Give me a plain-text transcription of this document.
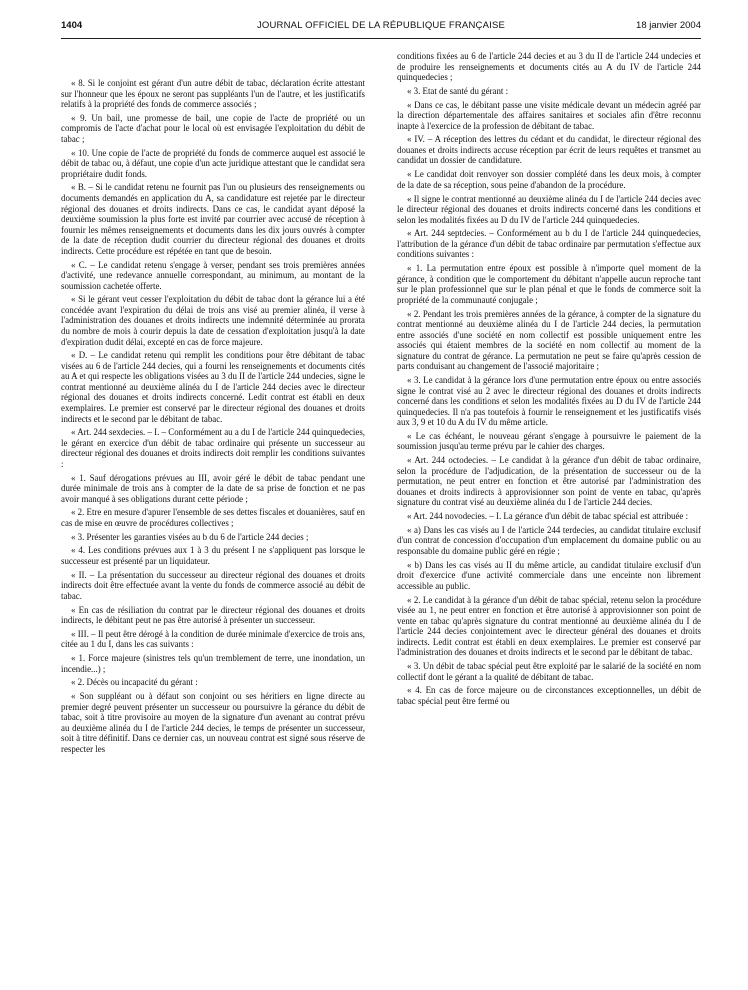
1404	JOURNAL OFFICIEL DE LA RÉPUBLIQUE FRANÇAISE	18 janvier 2004

« 8. Si le conjoint est gérant d'un autre débit de tabac, déclaration écrite attestant sur l'honneur que les époux ne seront pas suppléants l'un de l'autre, et les justificatifs relatifs à la propriété des fonds de commerce associés ;

« 9. Un bail, une promesse de bail, une copie de l'acte de propriété ou un compromis de l'acte d'achat pour le local où est envisagée l'exploitation du débit de tabac ;

« 10. Une copie de l'acte de propriété du fonds de commerce auquel est associé le débit de tabac ou, à défaut, une copie d'un acte juridique attestant que le candidat sera propriétaire dudit fonds.

« B. – Si le candidat retenu ne fournit pas l'un ou plusieurs des renseignements ou documents demandés en application du A, sa candidature est rejetée par le directeur régional des douanes et droits indirects. Dans ce cas, le candidat ayant déposé la deuxième soumission la plus forte est invité par courrier avec accusé de réception à fournir les mêmes renseignements et documents dans les dix jours ouvrés à compter de la date de réception dudit courrier du directeur régional des douanes et droits indirects. Cette procédure est répétée en tant que de besoin.

« C. – Le candidat retenu s'engage à verser, pendant ses trois premières années d'activité, une redevance annuelle correspondant, au minimum, au montant de la soumission cachetée offerte.

« Si le gérant veut cesser l'exploitation du débit de tabac dont la gérance lui a été concédée avant l'expiration du délai de trois ans visé au premier alinéa, il verse à l'administration des douanes et droits indirects une indemnité déterminée au prorata du nombre de mois à courir depuis la date de cessation d'exploitation jusqu'à la date d'expiration dudit délai, excepté en cas de force majeure.

« D. – Le candidat retenu qui remplit les conditions pour être débitant de tabac visées au 6 de l'article 244 decies, qui a fourni les renseignements et documents cités au A et qui respecte les obligations visées au 3 du II de l'article 244 undecies, signe le contrat mentionné au deuxième alinéa du I de l'article 244 decies avec le directeur régional des douanes et droits indirects concerné. Ledit contrat est établi en deux exemplaires. Le premier est conservé par le directeur régional des douanes et droits indirects et le second par le débitant de tabac.

« Art. 244 sexdecies. – I. – Conformément au a du I de l'article 244 quinquedecies, le gérant en exercice d'un débit de tabac ordinaire qui présente un successeur au directeur régional des douanes et droits indirects doit remplir les conditions suivantes :

« 1. Sauf dérogations prévues au III, avoir géré le débit de tabac pendant une durée minimale de trois ans à compter de la date de sa prise de fonction et ne pas avoir manqué à ses obligations durant cette période ;

« 2. Etre en mesure d'apurer l'ensemble de ses dettes fiscales et douanières, sauf en cas de mise en œuvre de procédures collectives ;

« 3. Présenter les garanties visées au b du 6 de l'article 244 decies ;

« 4. Les conditions prévues aux 1 à 3 du présent I ne s'appliquent pas lorsque le successeur est présenté par un liquidateur.

« II. – La présentation du successeur au directeur régional des douanes et droits indirects doit être effectuée avant la vente du fonds de commerce associé au débit de tabac.

« En cas de résiliation du contrat par le directeur régional des douanes et droits indirects, le débitant peut ne pas être autorisé à présenter un successeur.

« III. – Il peut être dérogé à la condition de durée minimale d'exercice de trois ans, citée au 1 du I, dans les cas suivants :

« 1. Force majeure (sinistres tels qu'un tremblement de terre, une inondation, un incendie...) ;

« 2. Décès ou incapacité du gérant :

« Son suppléant ou à défaut son conjoint ou ses héritiers en ligne directe au premier degré peuvent présenter un successeur ou poursuivre la gérance du débit de tabac, soit à titre provisoire au moyen de la signature d'un avenant au contrat prévu au deuxième alinéa du I de l'article 244 decies, le temps de présenter un successeur, soit à titre définitif. Dans ce dernier cas, un nouveau contrat est signé sous réserve de respecter les

conditions fixées au 6 de l'article 244 decies et au 3 du II de l'article 244 undecies et de produire les renseignements et documents cités au A du IV de l'article 244 quinquedecies ;

« 3. Etat de santé du gérant :

« Dans ce cas, le débitant passe une visite médicale devant un médecin agréé par la direction départementale des affaires sanitaires et sociales afin d'être reconnu inapte à l'exercice de la profession de débitant de tabac.

« IV. – A réception des lettres du cédant et du candidat, le directeur régional des douanes et droits indirects accuse réception par écrit de leurs requêtes et transmet au candidat un dossier de candidature.

« Le candidat doit renvoyer son dossier complété dans les deux mois, à compter de la date de sa réception, sous peine d'abandon de la procédure.

« Il signe le contrat mentionné au deuxième alinéa du I de l'article 244 decies avec le directeur régional des douanes et droits indirects concerné dans les conditions et selon les modalités fixées au D du IV de l'article 244 quinquedecies.

« Art. 244 septdecies. – Conformément au b du I de l'article 244 quinquedecies, l'attribution de la gérance d'un débit de tabac ordinaire par permutation s'effectue aux conditions suivantes :

« 1. La permutation entre époux est possible à n'importe quel moment de la gérance, à condition que le comportement du débitant n'appelle aucun reproche tant sur le plan professionnel que sur le plan pénal et que le fonds de commerce soit la propriété de la communauté conjugale ;

« 2. Pendant les trois premières années de la gérance, à compter de la signature du contrat mentionné au deuxième alinéa du I de l'article 244 decies, la permutation entre associés d'une société en nom collectif est possible uniquement entre les associés qui étaient membres de la société en nom collectif au moment de la signature du contrat de gérance. La permutation ne peut se faire qu'après cession de parts conduisant au changement de l'associé majoritaire ;

« 3. Le candidat à la gérance lors d'une permutation entre époux ou entre associés signe le contrat visé au 2 avec le directeur régional des douanes et droits indirects concerné dans les conditions et selon les modalités fixées au D du IV de l'article 244 quinquedecies. Il n'a pas toutefois à fournir le renseignement et les justificatifs visés aux 3, 9 et 10 du A du IV du même article.

« Le cas échéant, le nouveau gérant s'engage à poursuivre le paiement de la soumission jusqu'au terme prévu par le cahier des charges.

« Art. 244 octodecies. – Le candidat à la gérance d'un débit de tabac ordinaire, selon la procédure de l'adjudication, de la présentation de successeur ou de la permutation, ne peut entrer en fonction et être autorisé par l'administration des douanes et droits indirects à approvisionner son point de vente en tabac, qu'après signature du contrat visé au deuxième alinéa du I de l'article 244 decies.

« Art. 244 novodecies. – I. La gérance d'un débit de tabac spécial est attribuée :

« a) Dans les cas visés au I de l'article 244 terdecies, au candidat titulaire exclusif d'un contrat de concession d'occupation d'un emplacement du domaine public ou au responsable du domaine public géré en régie ;

« b) Dans les cas visés au II du même article, au candidat titulaire exclusif d'un droit d'exercice d'une activité commerciale dans une enceinte non librement accessible au public.

« 2. Le candidat à la gérance d'un débit de tabac spécial, retenu selon la procédure visée au 1, ne peut entrer en fonction et être autorisé à approvisionner son point de vente en tabac qu'après signature du contrat mentionné au deuxième alinéa du I de l'article 244 decies conjointement avec le directeur général des douanes et droits indirects. Ledit contrat est établi en deux exemplaires. Le premier est conservé par l'administration des douanes et droits indirects et le second par le débitant de tabac.

« 3. Un débit de tabac spécial peut être exploité par le salarié de la société en nom collectif dont le gérant a la qualité de débitant de tabac.

« 4. En cas de force majeure ou de circonstances exceptionnelles, un débit de tabac spécial peut être fermé ou
